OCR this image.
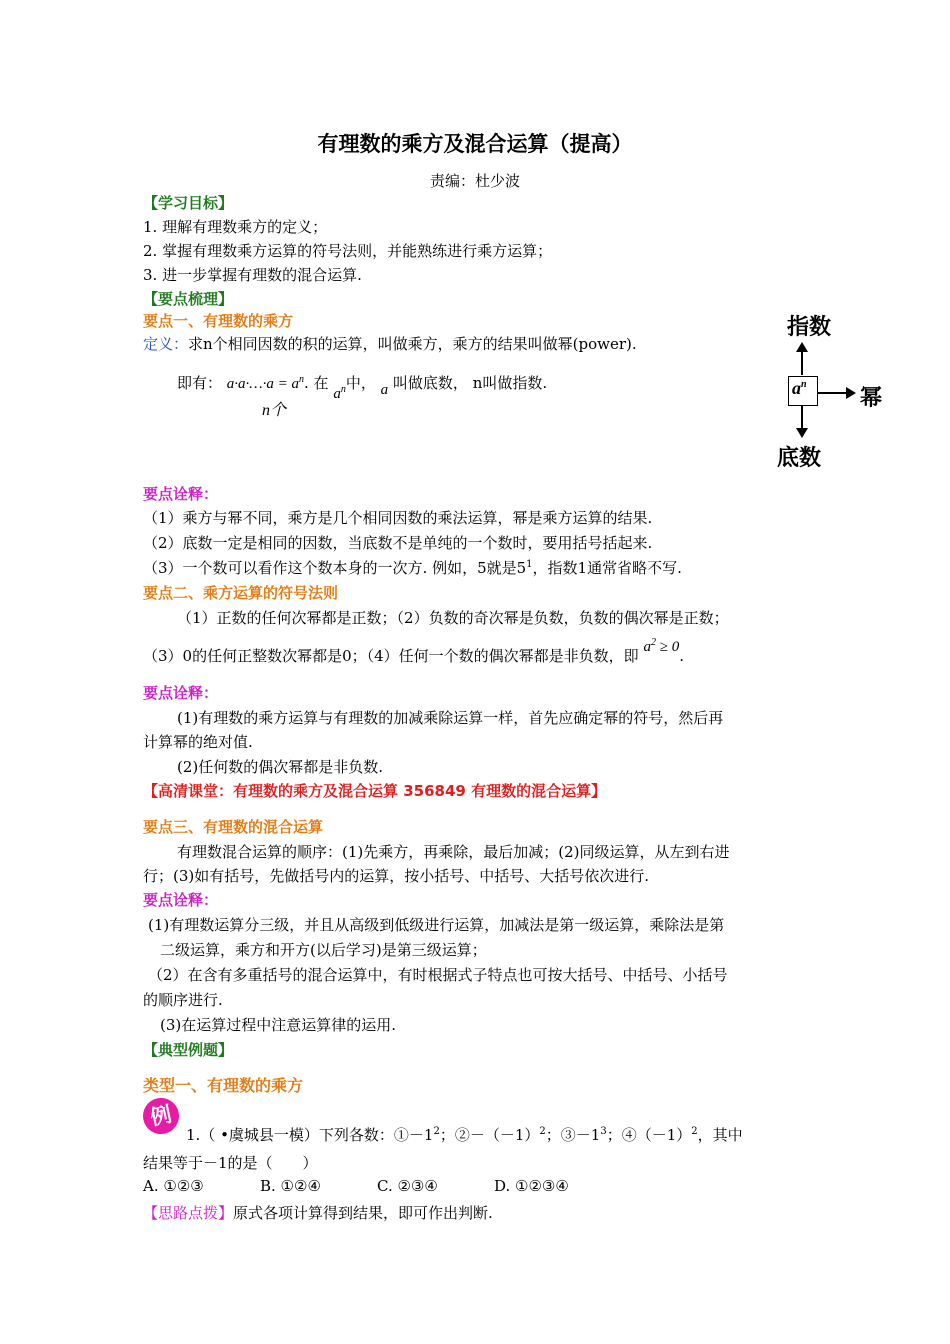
有理数的乘方及混合运算（提高）
责编：杜少波
【学习目标】
1. 理解有理数乘方的定义；
2. 掌握有理数乘方运算的符号法则，并能熟练进行乘方运算；
3. 进一步掌握有理数的混合运算.
【要点梳理】
要点一、有理数的乘方
定义：求n个相同因数的积的运算，叫做乘方，乘方的结果叫做幂(power).
即有： a·a·…·a = $a^n$. 在 $a^n$中， a 叫做底数， n叫做指数.
n个
指数
$a^n$
幂
底数
要点诠释：
（1）乘方与幂不同，乘方是几个相同因数的乘法运算，幂是乘方运算的结果.
（2）底数一定是相同的因数，当底数不是单纯的一个数时，要用括号括起来.
（3）一个数可以看作这个数本身的一次方. 例如，5就是$5^1$，指数1通常省略不写.
要点二、乘方运算的符号法则
（1）正数的任何次幂都是正数；（2）负数的奇次幂是负数，负数的偶次幂是正数；
（3）0的任何正整数次幂都是0；（4）任何一个数的偶次幂都是非负数，即 $a^2 \ge 0$.
要点诠释：
(1)有理数的乘方运算与有理数的加减乘除运算一样，首先应确定幂的符号，然后再
计算幂的绝对值.
(2)任何数的偶次幂都是非负数.
【高清课堂：有理数的乘方及混合运算 356849 有理数的混合运算】
要点三、有理数的混合运算
有理数混合运算的顺序：(1)先乘方，再乘除，最后加减；(2)同级运算，从左到右进
行；(3)如有括号，先做括号内的运算，按小括号、中括号、大括号依次进行.
要点诠释：
(1)有理数运算分三级，并且从高级到低级进行运算，加减法是第一级运算，乘除法是第
二级运算，乘方和开方(以后学习)是第三级运算；
（2）在含有多重括号的混合运算中，有时根据式子特点也可按大括号、中括号、小括号
的顺序进行.
(3)在运算过程中注意运算律的运用.
【典型例题】
类型一、有理数的乘方
例
1.（ •虞城县一模）下列各数：$①-1^2$；$②-(-1)^2$；$③-1^3$；$④(-1)^2$，其中
结果等于－1的是（　　）
A. ①②③	B. ①②④	C. ②③④	D. ①②③④
【思路点拨】原式各项计算得到结果，即可作出判断.
